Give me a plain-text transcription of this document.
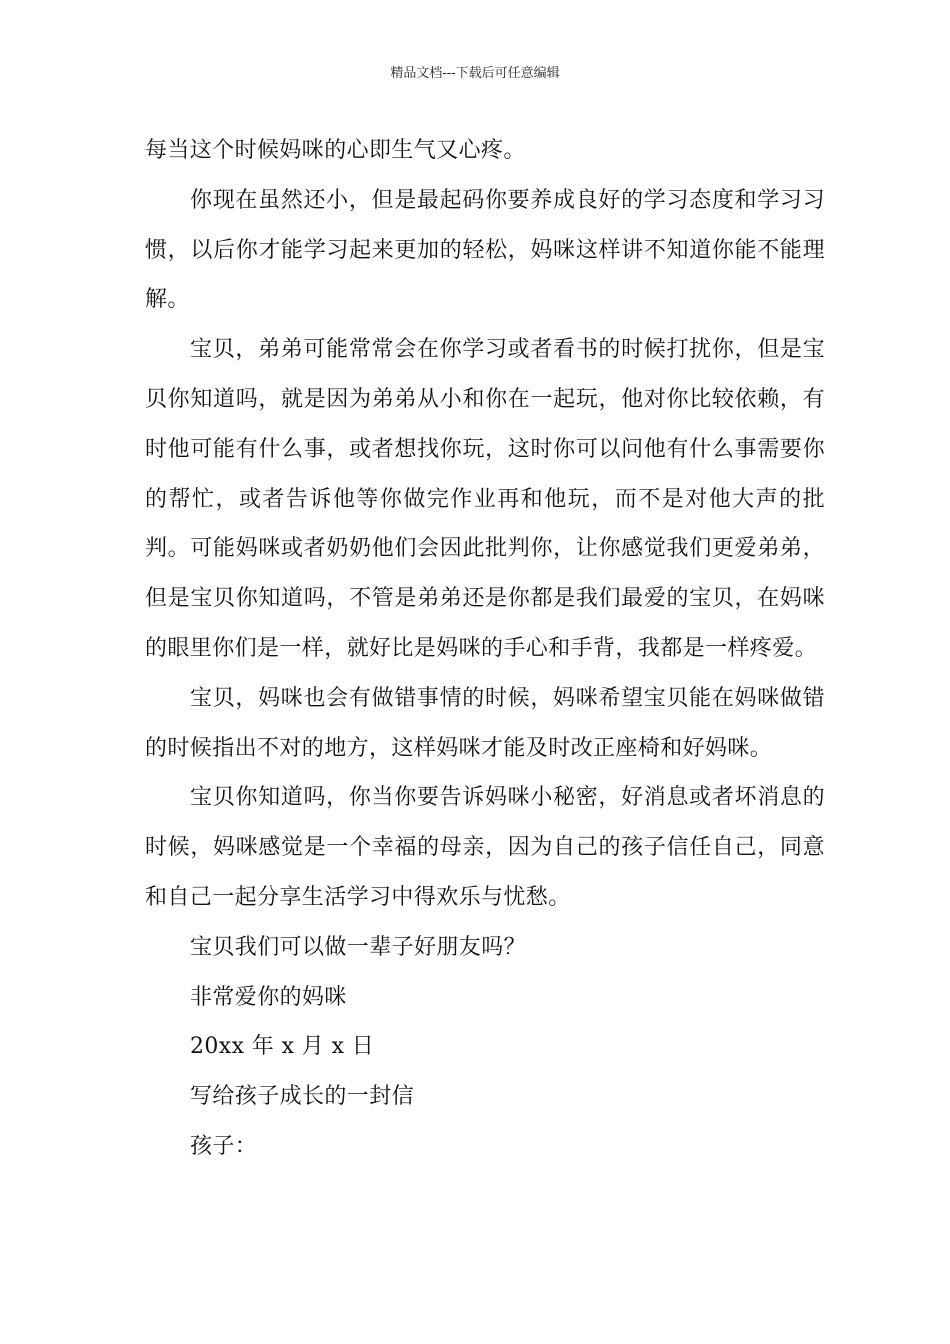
精品文档---下载后可任意编辑

每当这个时候妈咪的心即生气又心疼。

你现在虽然还小，但是最起码你要养成良好的学习态度和学习习惯，以后你才能学习起来更加的轻松，妈咪这样讲不知道你能不能理解。

宝贝，弟弟可能常常会在你学习或者看书的时候打扰你，但是宝贝你知道吗，就是因为弟弟从小和你在一起玩，他对你比较依赖，有时他可能有什么事，或者想找你玩，这时你可以问他有什么事需要你的帮忙，或者告诉他等你做完作业再和他玩，而不是对他大声的批判。可能妈咪或者奶奶他们会因此批判你，让你感觉我们更爱弟弟，但是宝贝你知道吗，不管是弟弟还是你都是我们最爱的宝贝，在妈咪的眼里你们是一样，就好比是妈咪的手心和手背，我都是一样疼爱。

宝贝，妈咪也会有做错事情的时候，妈咪希望宝贝能在妈咪做错的时候指出不对的地方，这样妈咪才能及时改正座椅和好妈咪。

宝贝你知道吗，你当你要告诉妈咪小秘密，好消息或者坏消息的时候，妈咪感觉是一个幸福的母亲，因为自己的孩子信任自己，同意和自己一起分享生活学习中得欢乐与忧愁。

宝贝我们可以做一辈子好朋友吗？

非常爱你的妈咪

20xx 年 x 月 x 日

写给孩子成长的一封信

孩子：
